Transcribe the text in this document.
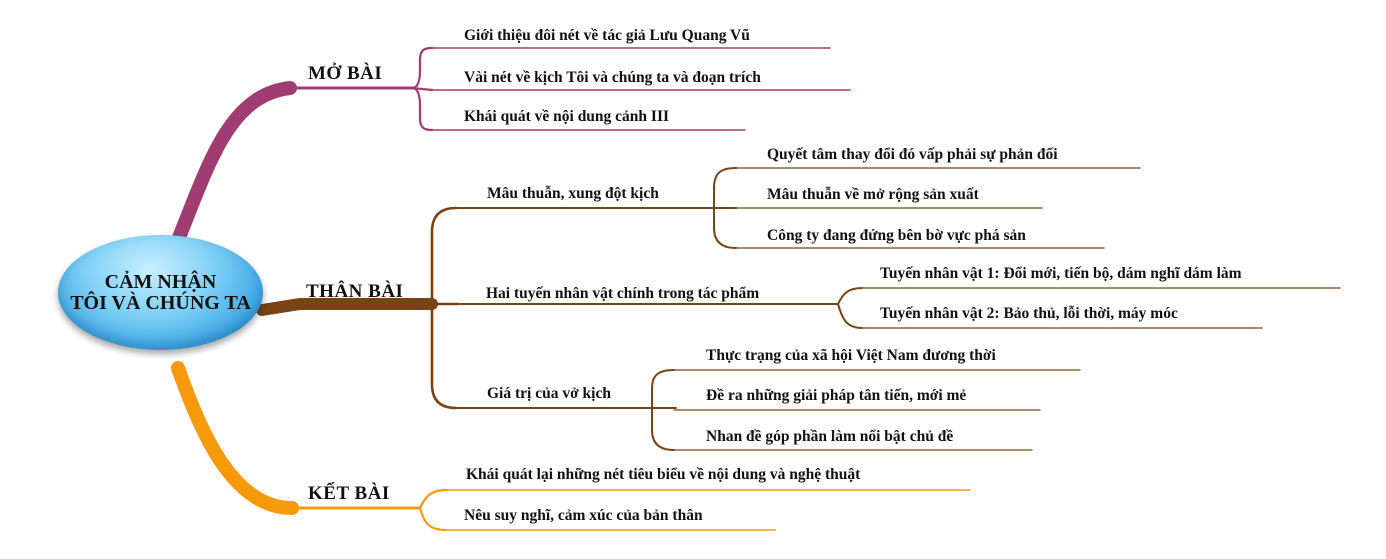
CẢM NHẬN
TÔI VÀ CHÚNG TA
MỞ BÀI
Giới thiệu đôi nét về tác giả Lưu Quang Vũ
Vài nét về kịch Tôi và chúng ta và đoạn trích
Khái quát về nội dung cảnh III
THÂN BÀI
Mâu thuẫn, xung đột kịch
Quyết tâm thay đổi đó vấp phải sự phản đối
Mâu thuẫn về mở rộng sản xuất
Công ty đang đứng bên bờ vực phá sản
Hai tuyến nhân vật chính trong tác phẩm
Tuyến nhân vật 1: Đổi mới, tiến bộ, dám nghĩ dám làm
Tuyến nhân vật 2: Bảo thủ, lỗi thời, máy móc
Giá trị của vở kịch
Thực trạng của xã hội Việt Nam đương thời
Đề ra những giải pháp tân tiến, mới mẻ
Nhan đề góp phần làm nổi bật chủ đề
KẾT BÀI
Khái quát lại những nét tiêu biểu về nội dung và nghệ thuật
Nêu suy nghĩ, cảm xúc của bản thân
